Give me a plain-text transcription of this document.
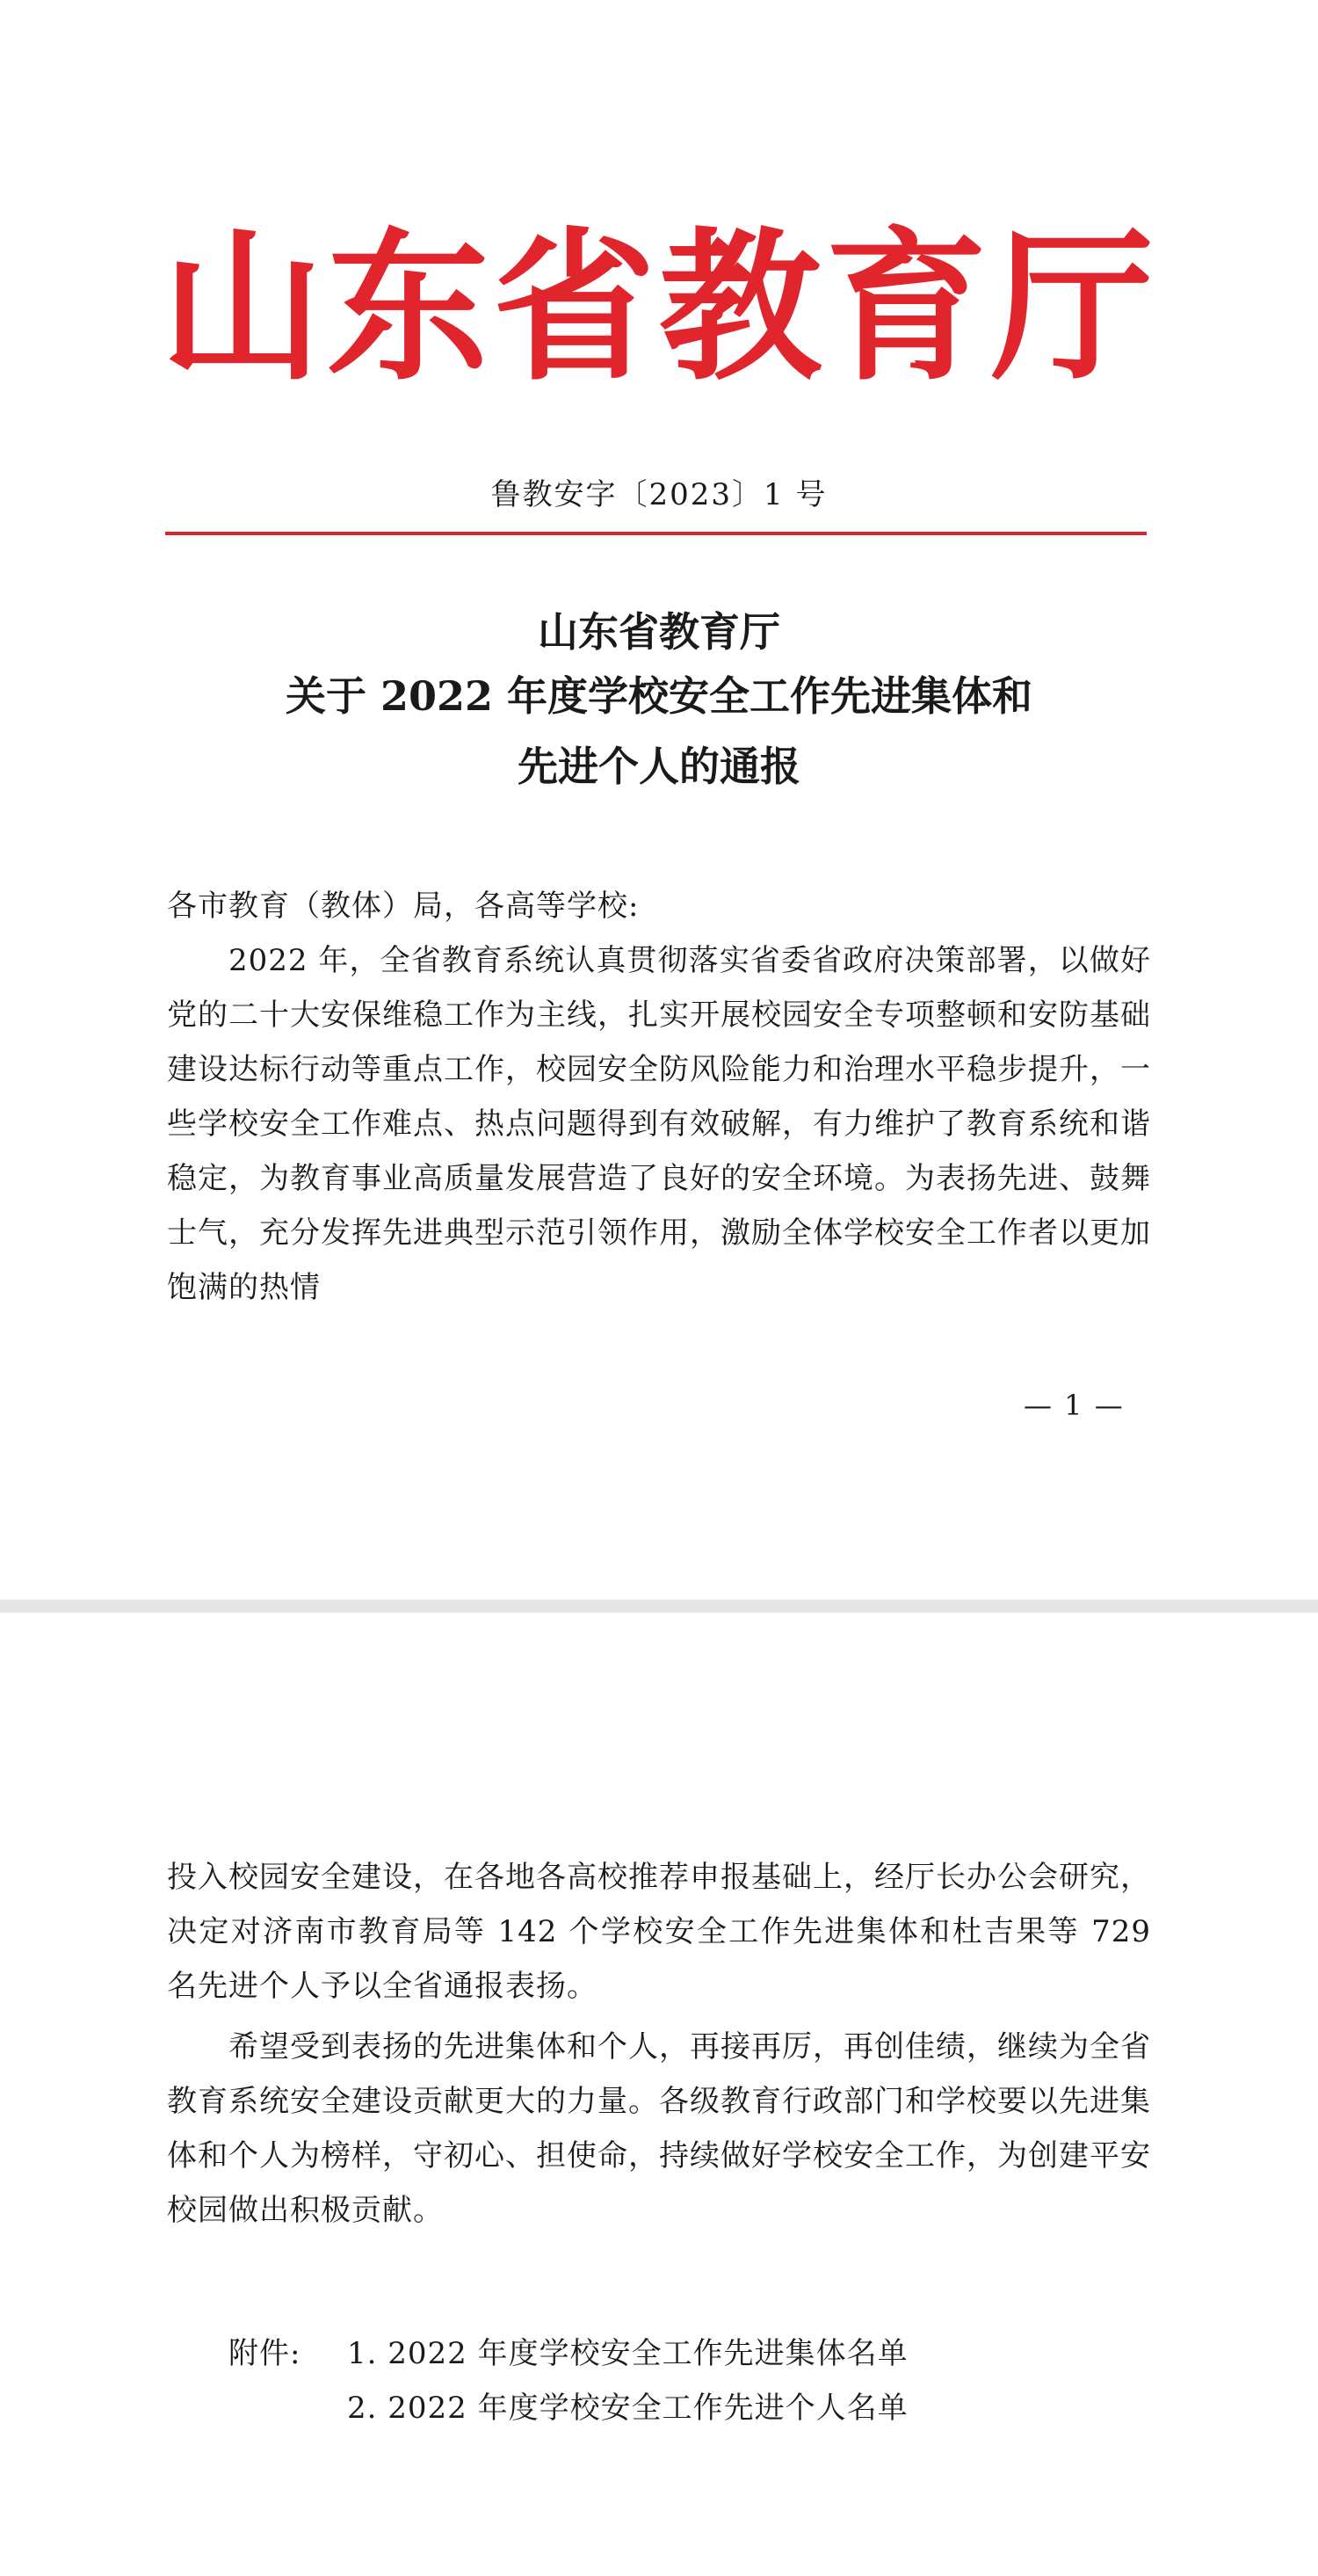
山东省教育厅
鲁教安字〔2023〕1 号
山东省教育厅
关于 2022 年度学校安全工作先进集体和
先进个人的通报
各市教育（教体）局，各高等学校:
2022 年，全省教育系统认真贯彻落实省委省政府决策部署，以做好党的二十大安保维稳工作为主线，扎实开展校园安全专项整顿和安防基础建设达标行动等重点工作，校园安全防风险能力和治理水平稳步提升，一些学校安全工作难点、热点问题得到有效破解，有力维护了教育系统和谐稳定，为教育事业高质量发展营造了良好的安全环境。为表扬先进、鼓舞士气，充分发挥先进典型示范引领作用，激励全体学校安全工作者以更加饱满的热情
— 1 —
投入校园安全建设，在各地各高校推荐申报基础上，经厅长办公会研究，决定对济南市教育局等 142 个学校安全工作先进集体和杜吉果等 729 名先进个人予以全省通报表扬。
希望受到表扬的先进集体和个人，再接再厉，再创佳绩，继续为全省教育系统安全建设贡献更大的力量。各级教育行政部门和学校要以先进集体和个人为榜样，守初心、担使命，持续做好学校安全工作，为创建平安校园做出积极贡献。
附件: 1. 2022 年度学校安全工作先进集体名单
2. 2022 年度学校安全工作先进个人名单
